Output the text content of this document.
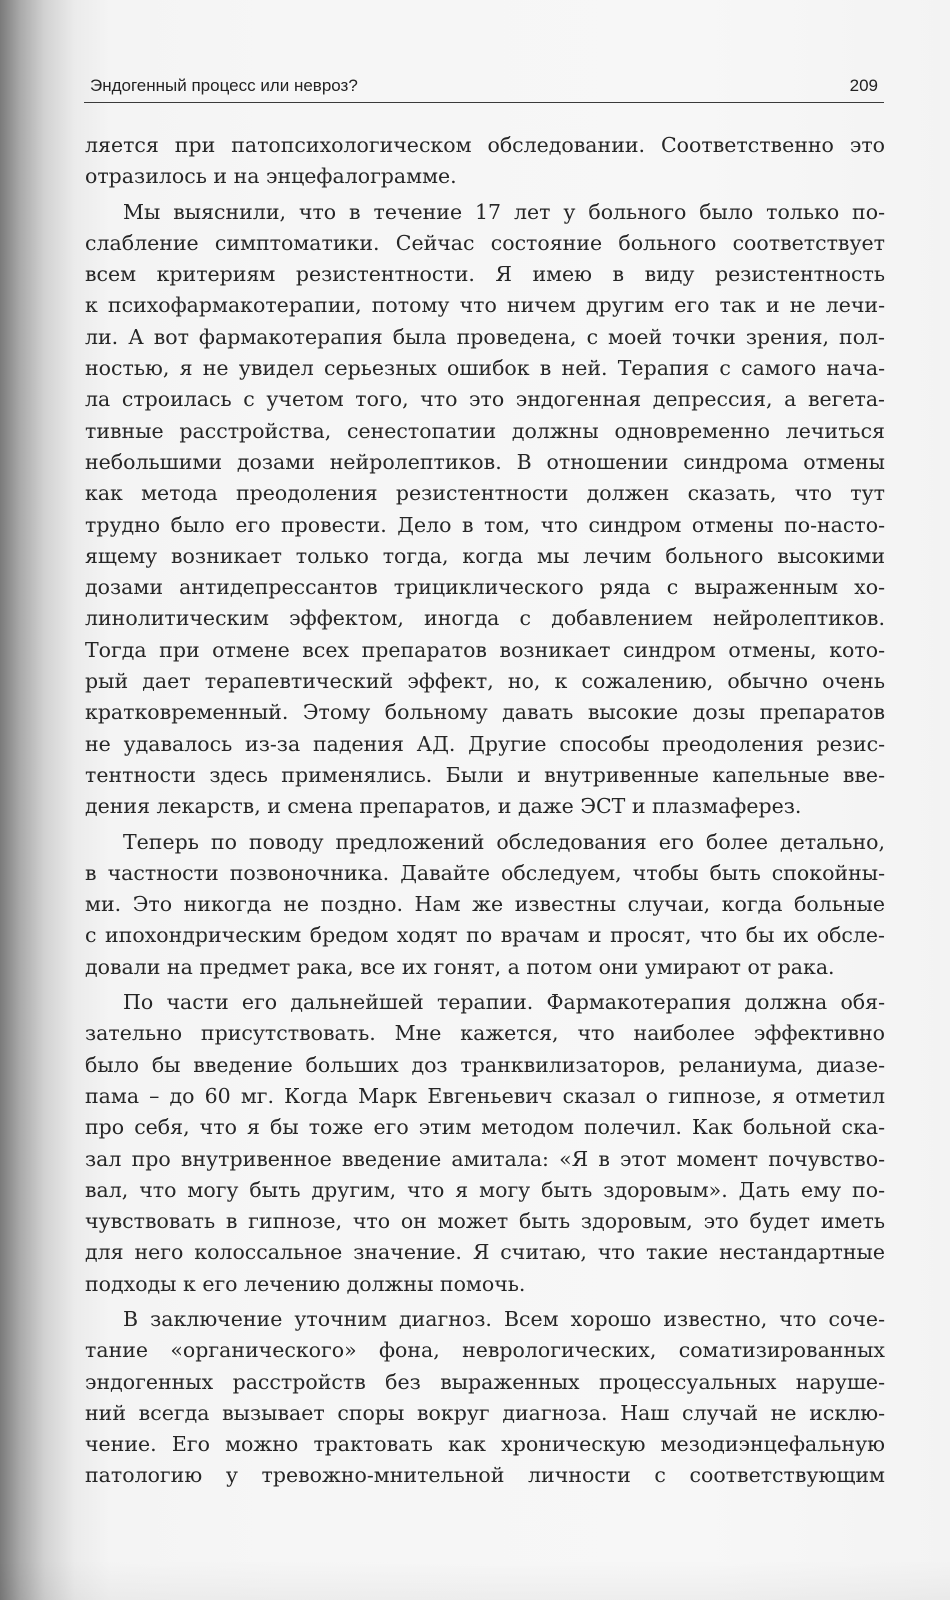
Эндогенный процесс или невроз?	209
ляется при патопсихологическом обследовании. Соответственно это
отразилось и на энцефалограмме.
Мы выяснили, что в течение 17 лет у больного было только по-
слабление симптоматики. Сейчас состояние больного соответствует
всем критериям резистентности. Я имею в виду резистентность
к психофармакотерапии, потому что ничем другим его так и не лечи-
ли. А вот фармакотерапия была проведена, с моей точки зрения, пол-
ностью, я не увидел серьезных ошибок в ней. Терапия с самого нача-
ла строилась с учетом того, что это эндогенная депрессия, а вегета-
тивные расстройства, сенестопатии должны одновременно лечиться
небольшими дозами нейролептиков. В отношении синдрома отмены
как метода преодоления резистентности должен сказать, что тут
трудно было его провести. Дело в том, что синдром отмены по-насто-
ящему возникает только тогда, когда мы лечим больного высокими
дозами антидепрессантов трициклического ряда с выраженным хо-
линолитическим эффектом, иногда с добавлением нейролептиков.
Тогда при отмене всех препаратов возникает синдром отмены, кото-
рый дает терапевтический эффект, но, к сожалению, обычно очень
кратковременный. Этому больному давать высокие дозы препаратов
не удавалось из-за падения АД. Другие способы преодоления резис-
тентности здесь применялись. Были и внутривенные капельные вве-
дения лекарств, и смена препаратов, и даже ЭСТ и плазмаферез.
Теперь по поводу предложений обследования его более детально,
в частности позвоночника. Давайте обследуем, чтобы быть спокойны-
ми. Это никогда не поздно. Нам же известны случаи, когда больные
с ипохондрическим бредом ходят по врачам и просят, что бы их обсле-
довали на предмет рака, все их гонят, а потом они умирают от рака.
По части его дальнейшей терапии. Фармакотерапия должна обя-
зательно присутствовать. Мне кажется, что наиболее эффективно
было бы введение больших доз транквилизаторов, реланиума, диазе-
пама – до 60 мг. Когда Марк Евгеньевич сказал о гипнозе, я отметил
про себя, что я бы тоже его этим методом полечил. Как больной ска-
зал про внутривенное введение амитала: «Я в этот момент почувство-
вал, что могу быть другим, что я могу быть здоровым». Дать ему по-
чувствовать в гипнозе, что он может быть здоровым, это будет иметь
для него колоссальное значение. Я считаю, что такие нестандартные
подходы к его лечению должны помочь.
В заключение уточним диагноз. Всем хорошо известно, что соче-
тание «органического» фона, неврологических, соматизированных
эндогенных расстройств без выраженных процессуальных наруше-
ний всегда вызывает споры вокруг диагноза. Наш случай не исклю-
чение. Его можно трактовать как хроническую мезодиэнцефальную
патологию у тревожно-мнительной личности с соответствующим
